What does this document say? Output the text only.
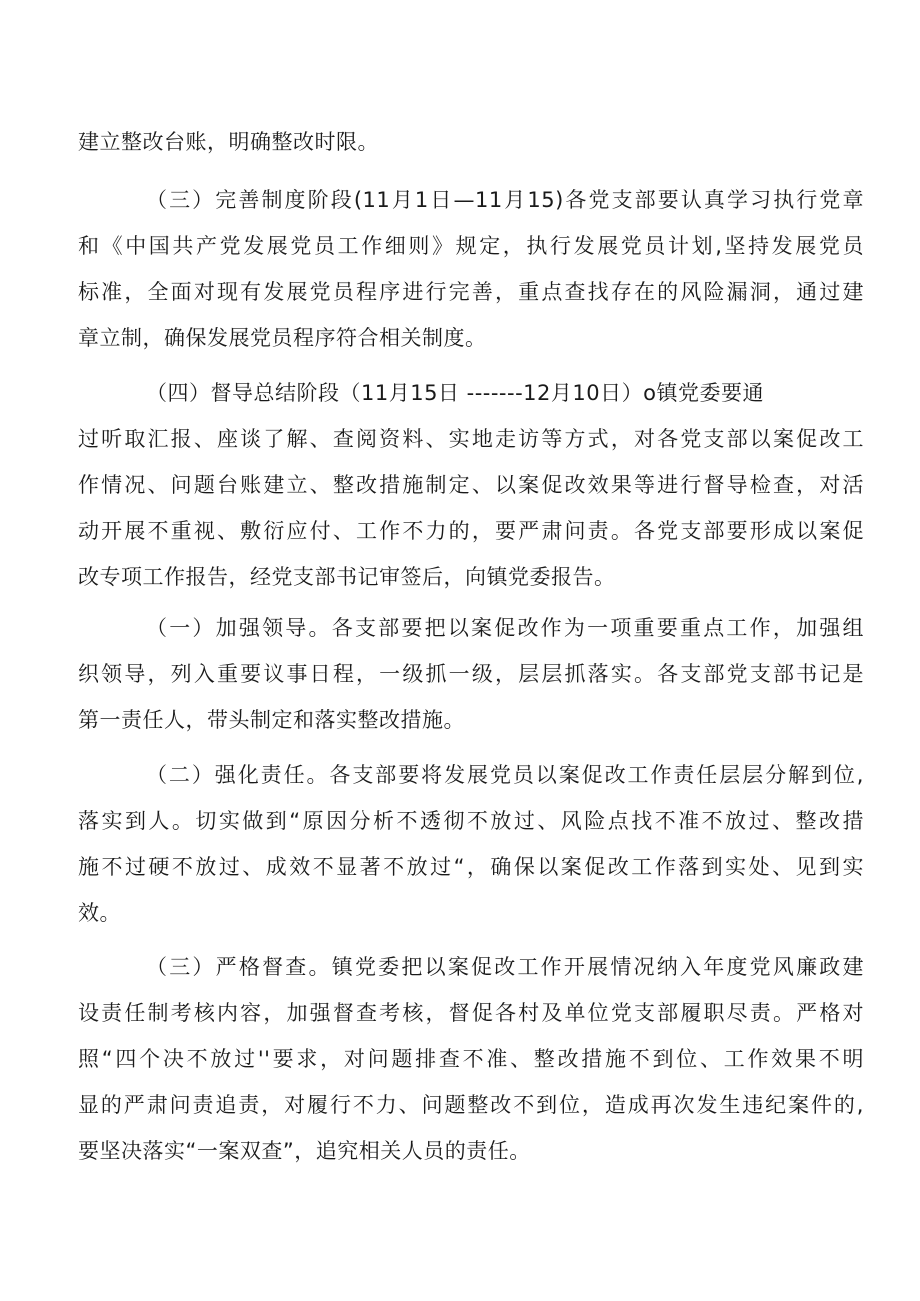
建立整改台账，明确整改时限。
（三）完善制度阶段(11月1日—11月15)各党支部要认真学习执行党章
和《中国共产党发展党员工作细则》规定，执行发展党员计划,坚持发展党员
标准，全面对现有发展党员程序进行完善，重点查找存在的风险漏洞，通过建
章立制，确保发展党员程序符合相关制度。
（四）督导总结阶段（11月15日 -------12月10日）o镇党委要通
过听取汇报、座谈了解、查阅资料、实地走访等方式，对各党支部以案促改工
作情况、问题台账建立、整改措施制定、以案促改效果等进行督导检查，对活
动开展不重视、敷衍应付、工作不力的，要严肃问责。各党支部要形成以案促
改专项工作报告，经党支部书记审签后，向镇党委报告。
（一）加强领导。各支部要把以案促改作为一项重要重点工作，加强组
织领导，列入重要议事日程，一级抓一级，层层抓落实。各支部党支部书记是
第一责任人，带头制定和落实整改措施。
（二）强化责任。各支部要将发展党员以案促改工作责任层层分解到位,
落实到人。切实做到“原因分析不透彻不放过、风险点找不准不放过、整改措
施不过硬不放过、成效不显著不放过“，确保以案促改工作落到实处、见到实
效。
（三）严格督查。镇党委把以案促改工作开展情况纳入年度党风廉政建
设责任制考核内容，加强督查考核，督促各村及单位党支部履职尽责。严格对
照“四个决不放过''要求，对问题排查不准、整改措施不到位、工作效果不明
显的严肃问责追责，对履行不力、问题整改不到位，造成再次发生违纪案件的,
要坚决落实“一案双查”，追究相关人员的责任。
